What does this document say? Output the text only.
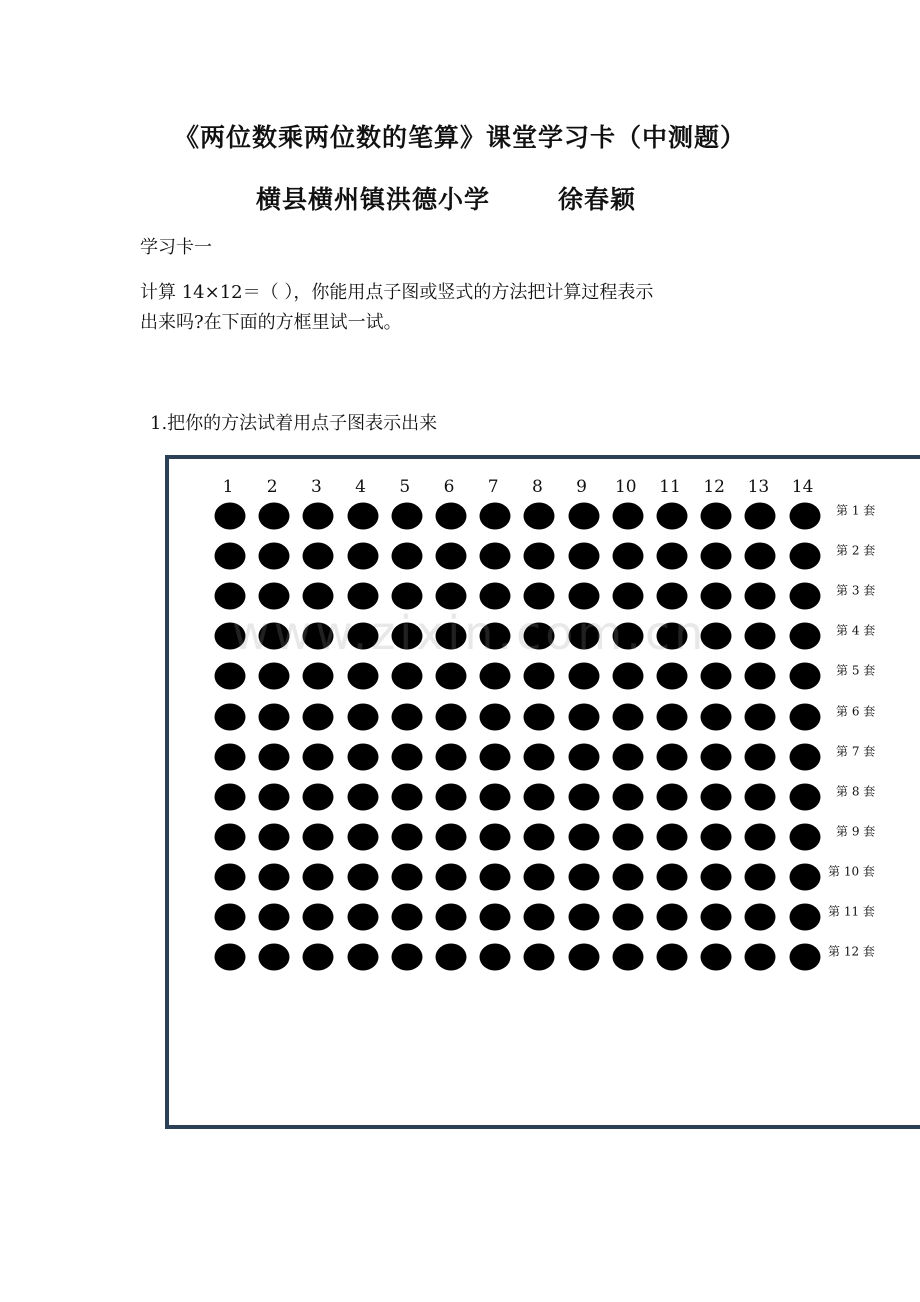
《两位数乘两位数的笔算》课堂学习卡（中测题）
横县横州镇洪德小学	徐春颖
学习卡一
计算 14×12＝（ ），你能用点子图或竖式的方法把计算过程表示
出来吗?在下面的方框里试一试。
1.把你的方法试着用点子图表示出来
1 2 3 4 5 6 7 8 9 10 11 12 13 14
第 1 套
第 2 套
第 3 套
第 4 套
第 5 套
第 6 套
第 7 套
第 8 套
第 9 套
第 10 套
第 11 套
第 12 套
www.zixin.com.cn
